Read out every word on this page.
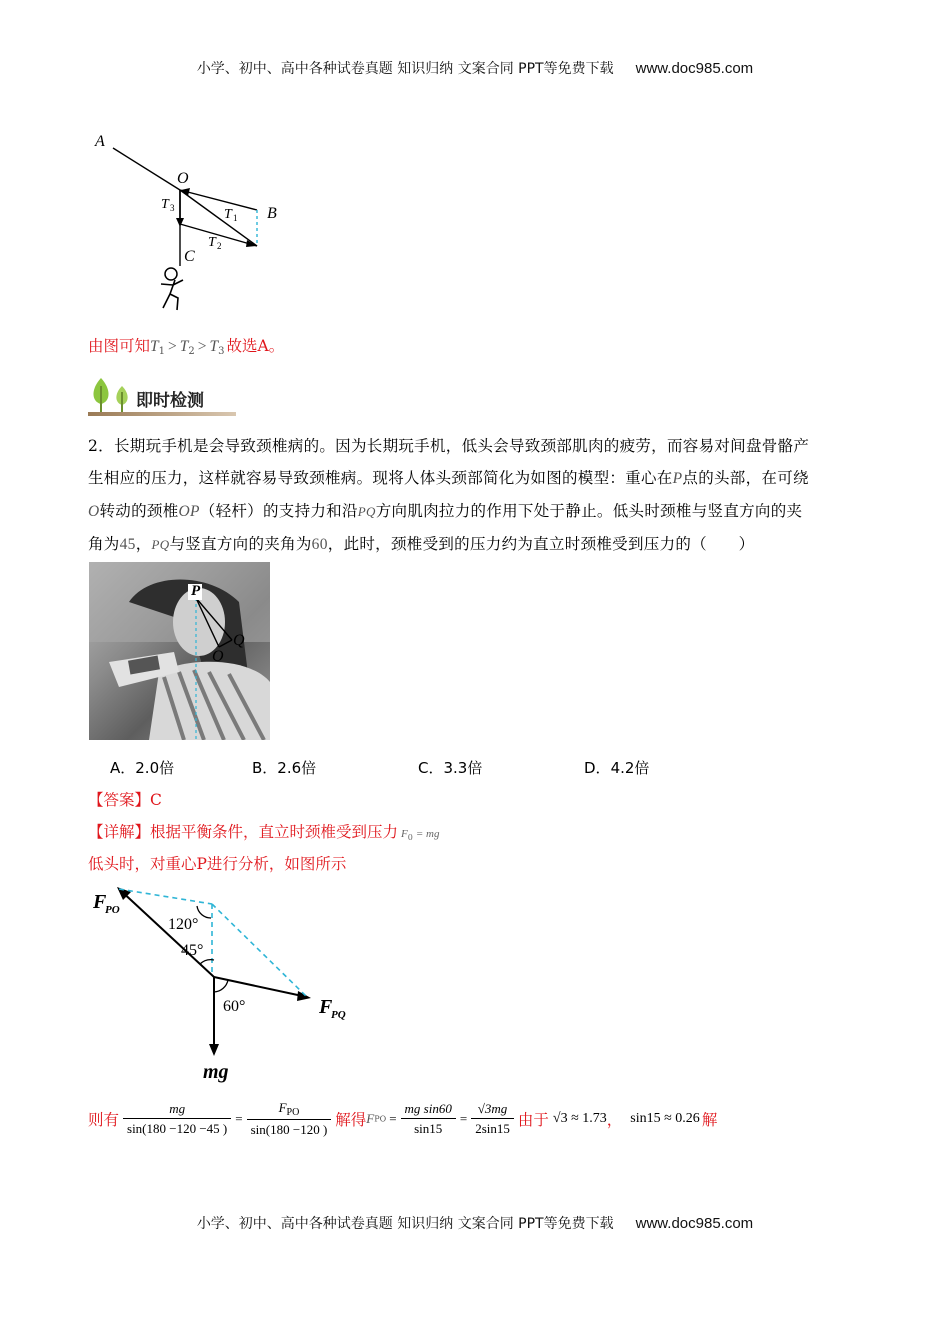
小学、初中、高中各种试卷真题 知识归纳 文案合同 PPT等免费下载 www.doc985.com
A
O
B
C
T 3	T 1
T 2
由图可知$T_1 > T_2 > T_3$ 故选A。
即时检测
2．长期玩手机是会导致颈椎病的。因为长期玩手机，低头会导致颈部肌肉的疲劳，而容易对间盘骨骼产
生相应的压力，这样就容易导致颈椎病。现将人体头颈部简化为如图的模型：重心在P点的头部，在可绕
O转动的颈椎OP（轻杆）的支持力和沿PQ方向肌肉拉力的作用下处于静止。低头时颈椎与竖直方向的夹
角为45，PQ与竖直方向的夹角为60，此时，颈椎受到的压力约为直立时颈椎受到压力的（　　）
P
Q
O
A．2.0倍	B．2.6倍	C．3.3倍	D．4.2倍
【答案】C
【详解】根据平衡条件，直立时颈椎受到压力 $F_0$ = mg
低头时，对重心P进行分析，如图所示
F
PO
F
PQ
mg
120°
45°
60°
则有 $\frac{mg}{\sin(180 -120 -45 )} = \frac{F_{PO}}{\sin(180 -120 )}$ 解得FPO = $\frac{\text{mg sin60}}{\sin 15} = \frac{√3mg}{2\sin 15}$ 由于 √3 ≈ 1.73， sin15 ≈ 0.26 解
小学、初中、高中各种试卷真题 知识归纳 文案合同 PPT等免费下载 www.doc985.com
